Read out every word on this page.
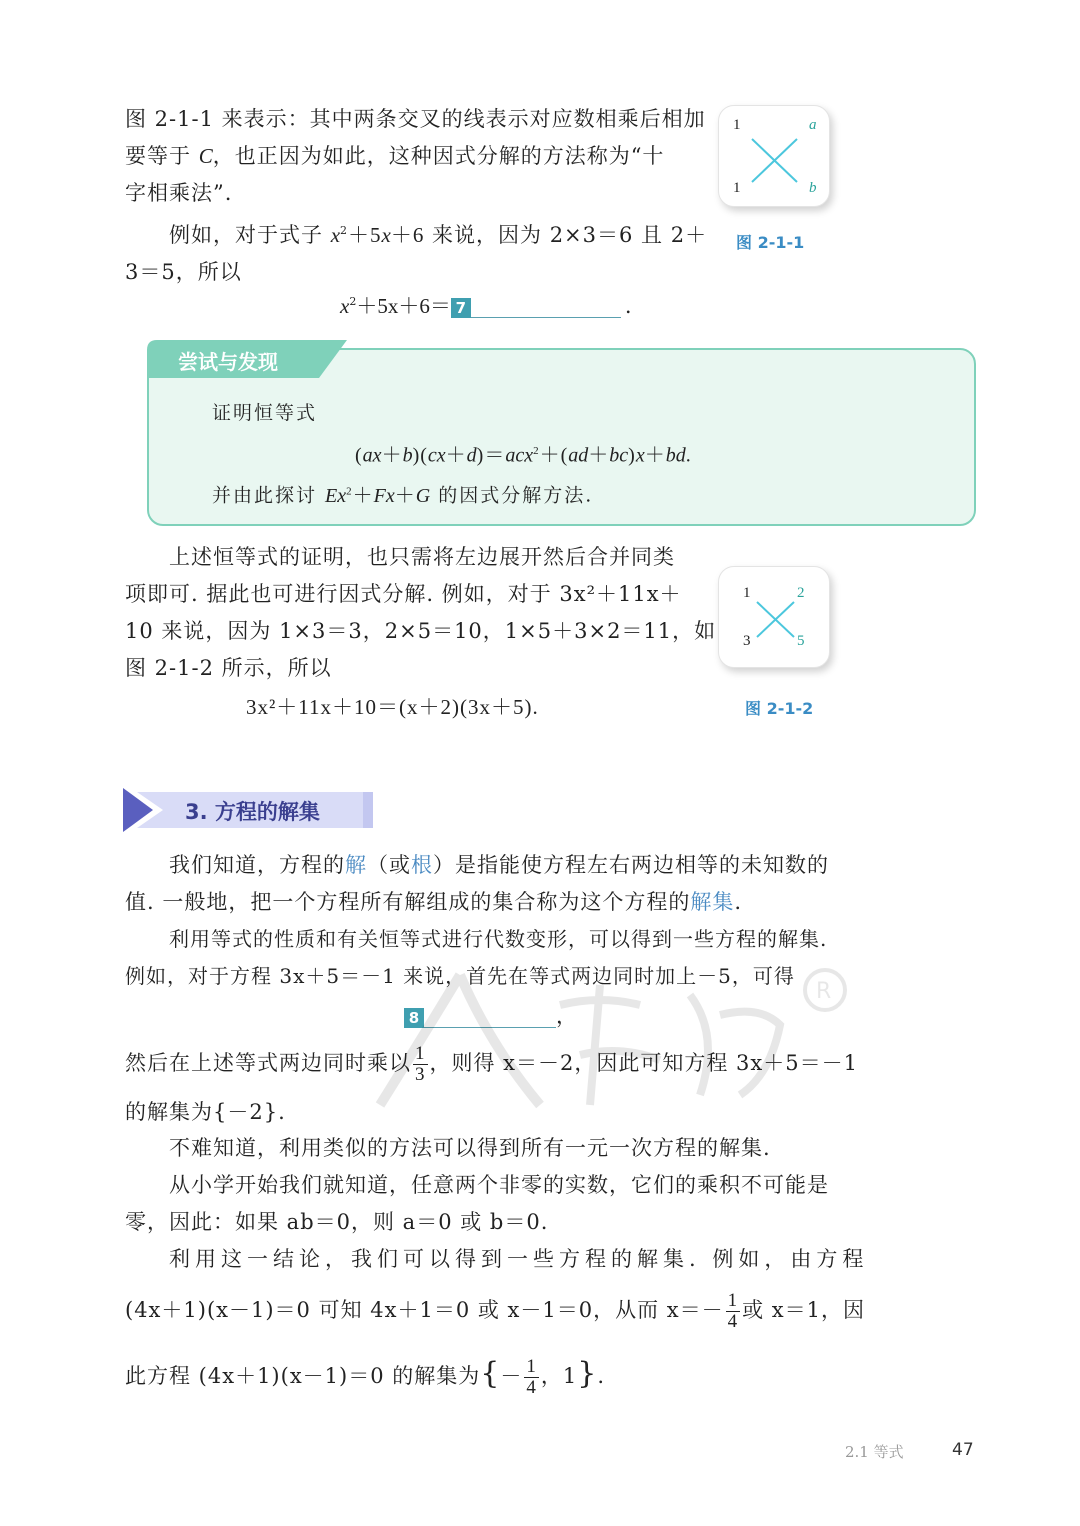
图 2-1-1 来表示：其中两条交叉的线表示对应数相乘后相加
要等于 C，也正因为如此，这种因式分解的方法称为“十
字相乘法”.
例如，对于式子 $x^2+5x+6$ 来说，因为 2×3＝6 且 2＋
3＝5，所以
$x^2+5x+6= 7$	.
1	a
1	b
图 2-1-1
尝试与发现
证明恒等式
(ax＋b)(cx＋d)＝acx$^2$＋(ad＋bc)x＋bd.
并由此探讨 $Ex^2+Fx+G$ 的因式分解方法.
上述恒等式的证明，也只需将左边展开然后合并同类
项即可. 据此也可进行因式分解. 例如，对于 3x²＋11x＋
10 来说，因为 1×3＝3，2×5＝10，1×5＋3×2＝11，如
图 2-1-2 所示，所以
3x²＋11x＋10＝(x＋2)(3x＋5).
1	2
3	5
图 2-1-2
3. 方程的解集
我们知道，方程的解（或根）是指能使方程左右两边相等的未知数的
值. 一般地，把一个方程所有解组成的集合称为这个方程的解集.
利用等式的性质和有关恒等式进行代数变形，可以得到一些方程的解集.
例如，对于方程 3x＋5＝－1 来说，首先在等式两边同时加上－5，可得
8	，
然后在上述等式两边同时乘以 $\frac{1}{3}$ ，则得 x＝－2，因此可知方程 3x＋5＝－1
的解集为{－2}.
不难知道，利用类似的方法可以得到所有一元一次方程的解集.
从小学开始我们就知道，任意两个非零的实数，它们的乘积不可能是
零，因此：如果 ab＝0，则 a＝0 或 b＝0.
利用这一结论，我们可以得到一些方程的解集. 例如，由方程
(4x＋1)(x－1)＝0 可知 4x＋1＝0 或 x－1＝0，从而 $x=- \frac{1}{4}$ 或 x＝1，因
此方程 (4x＋1)(x－1)＝0 的解集为{－ $\frac{1}{4}$ ，1}.
R
2.1 等式	47
